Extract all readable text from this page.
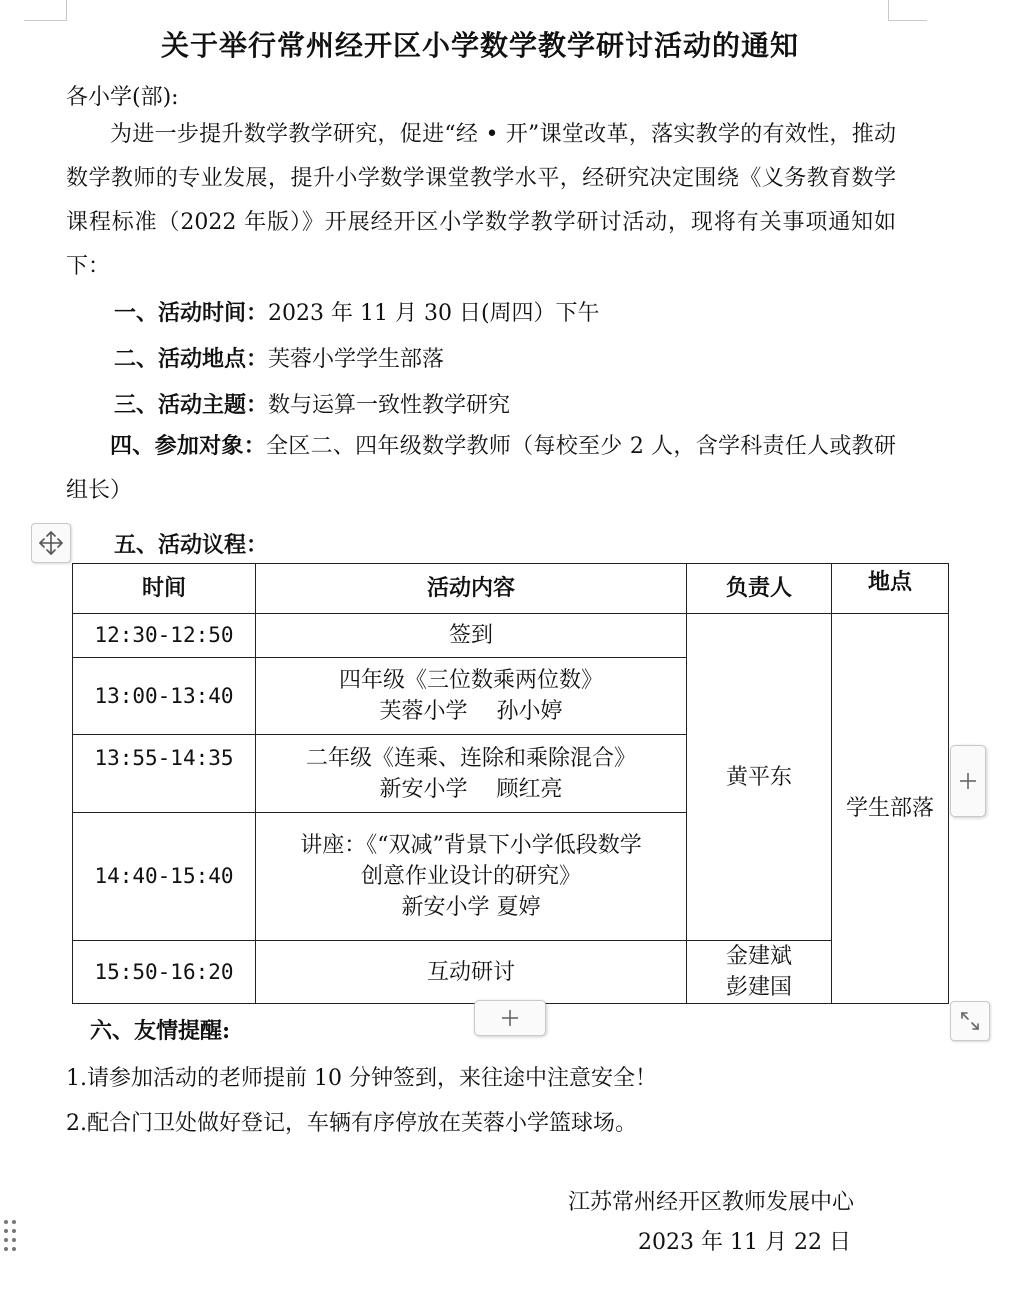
关于举行常州经开区小学数学教学研讨活动的通知
各小学(部):
为进一步提升数学教学研究，促进“经 • 开”课堂改革，落实教学的有效性，推动数学教师的专业发展，提升小学数学课堂教学水平，经研究决定围绕《义务教育数学课程标准（2022 年版）》开展经开区小学数学教学研讨活动，现将有关事项通知如下：
一、活动时间：2023 年 11 月 30 日(周四）下午
二、活动地点：芙蓉小学学生部落
三、活动主题：数与运算一致性教学研究
四、参加对象：全区二、四年级数学教师（每校至少 2 人，含学科责任人或教研组长）
五、活动议程：
时间	活动内容	负责人	地点
12:30-12:50	签到	黄平东	学生部落
13:00-13:40	四年级《三位数乘两位数》
芙蓉小学　 孙小婷		

13:55-14:35	二年级《连乘、连除和乘除混合》
新安小学　 顾红亮		

14:40-15:40	讲座：《“双减”背景下小学低段数学
创意作业设计的研究》
新安小学 夏婷		

15:50-16:20	互动研讨	金建斌
彭建国	
六、友情提醒:
1.请参加活动的老师提前 10 分钟签到，来往途中注意安全！
2.配合门卫处做好登记，车辆有序停放在芙蓉小学篮球场。
江苏常州经开区教师发展中心
2023 年 11 月 22 日
